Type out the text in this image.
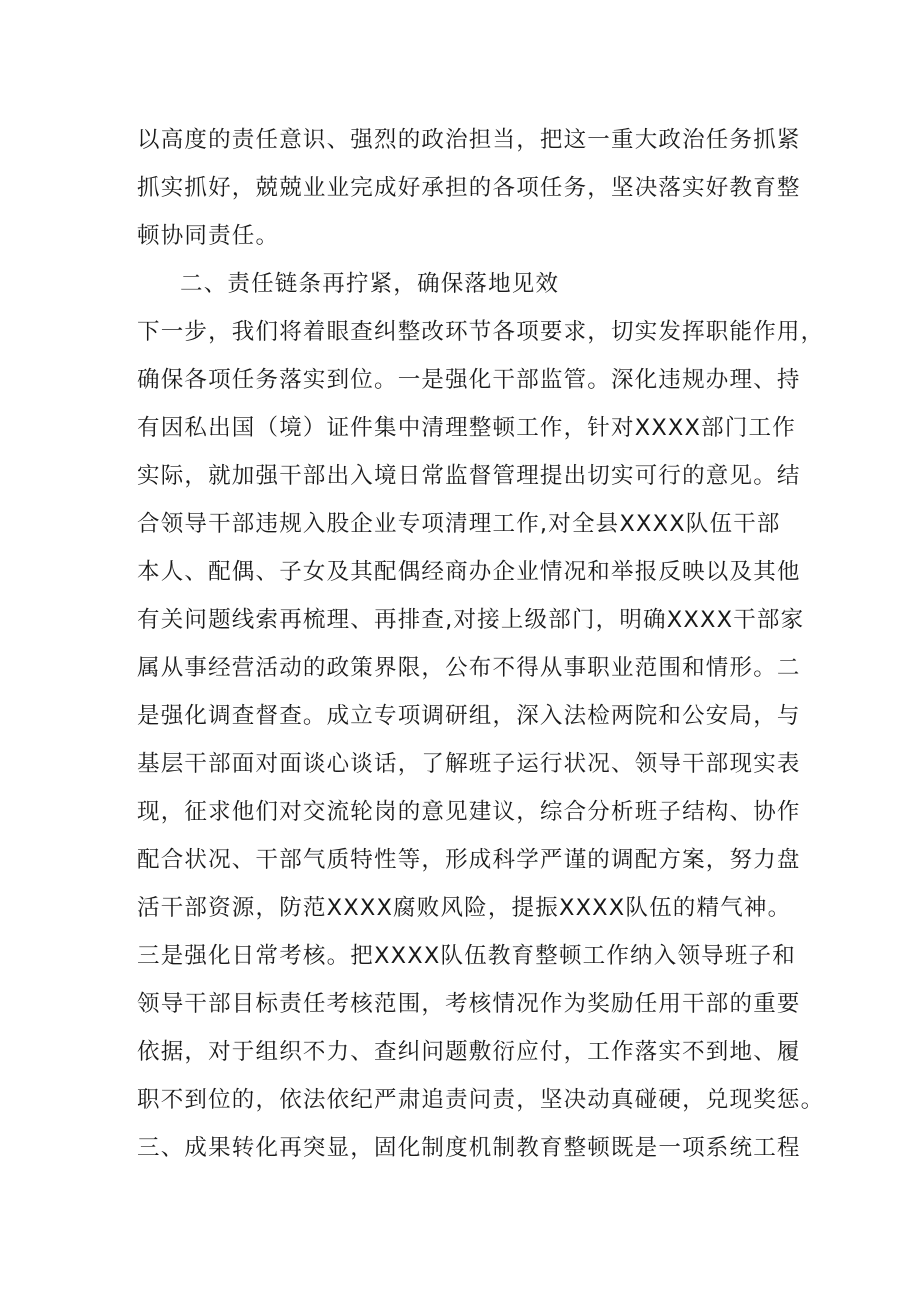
以高度的责任意识、强烈的政治担当，把这一重大政治任务抓紧
抓实抓好，兢兢业业完成好承担的各项任务，坚决落实好教育整
顿协同责任。
二、责任链条再拧紧，确保落地见效
下一步，我们将着眼查纠整改环节各项要求，切实发挥职能作用，
确保各项任务落实到位。一是强化干部监管。深化违规办理、持
有因私出国（境）证件集中清理整顿工作，针对XXXX部门工作
实际，就加强干部出入境日常监督管理提出切实可行的意见。结
合领导干部违规入股企业专项清理工作,对全县XXXX队伍干部
本人、配偶、子女及其配偶经商办企业情况和举报反映以及其他
有关问题线索再梳理、再排查,对接上级部门，明确XXXX干部家
属从事经营活动的政策界限，公布不得从事职业范围和情形。二
是强化调查督查。成立专项调研组，深入法检两院和公安局，与
基层干部面对面谈心谈话，了解班子运行状况、领导干部现实表
现，征求他们对交流轮岗的意见建议，综合分析班子结构、协作
配合状况、干部气质特性等，形成科学严谨的调配方案，努力盘
活干部资源，防范XXXX腐败风险，提振XXXX队伍的精气神。
三是强化日常考核。把XXXX队伍教育整顿工作纳入领导班子和
领导干部目标责任考核范围，考核情况作为奖励任用干部的重要
依据，对于组织不力、查纠问题敷衍应付，工作落实不到地、履
职不到位的，依法依纪严肃追责问责，坚决动真碰硬，兑现奖惩。
三、成果转化再突显，固化制度机制教育整顿既是一项系统工程
